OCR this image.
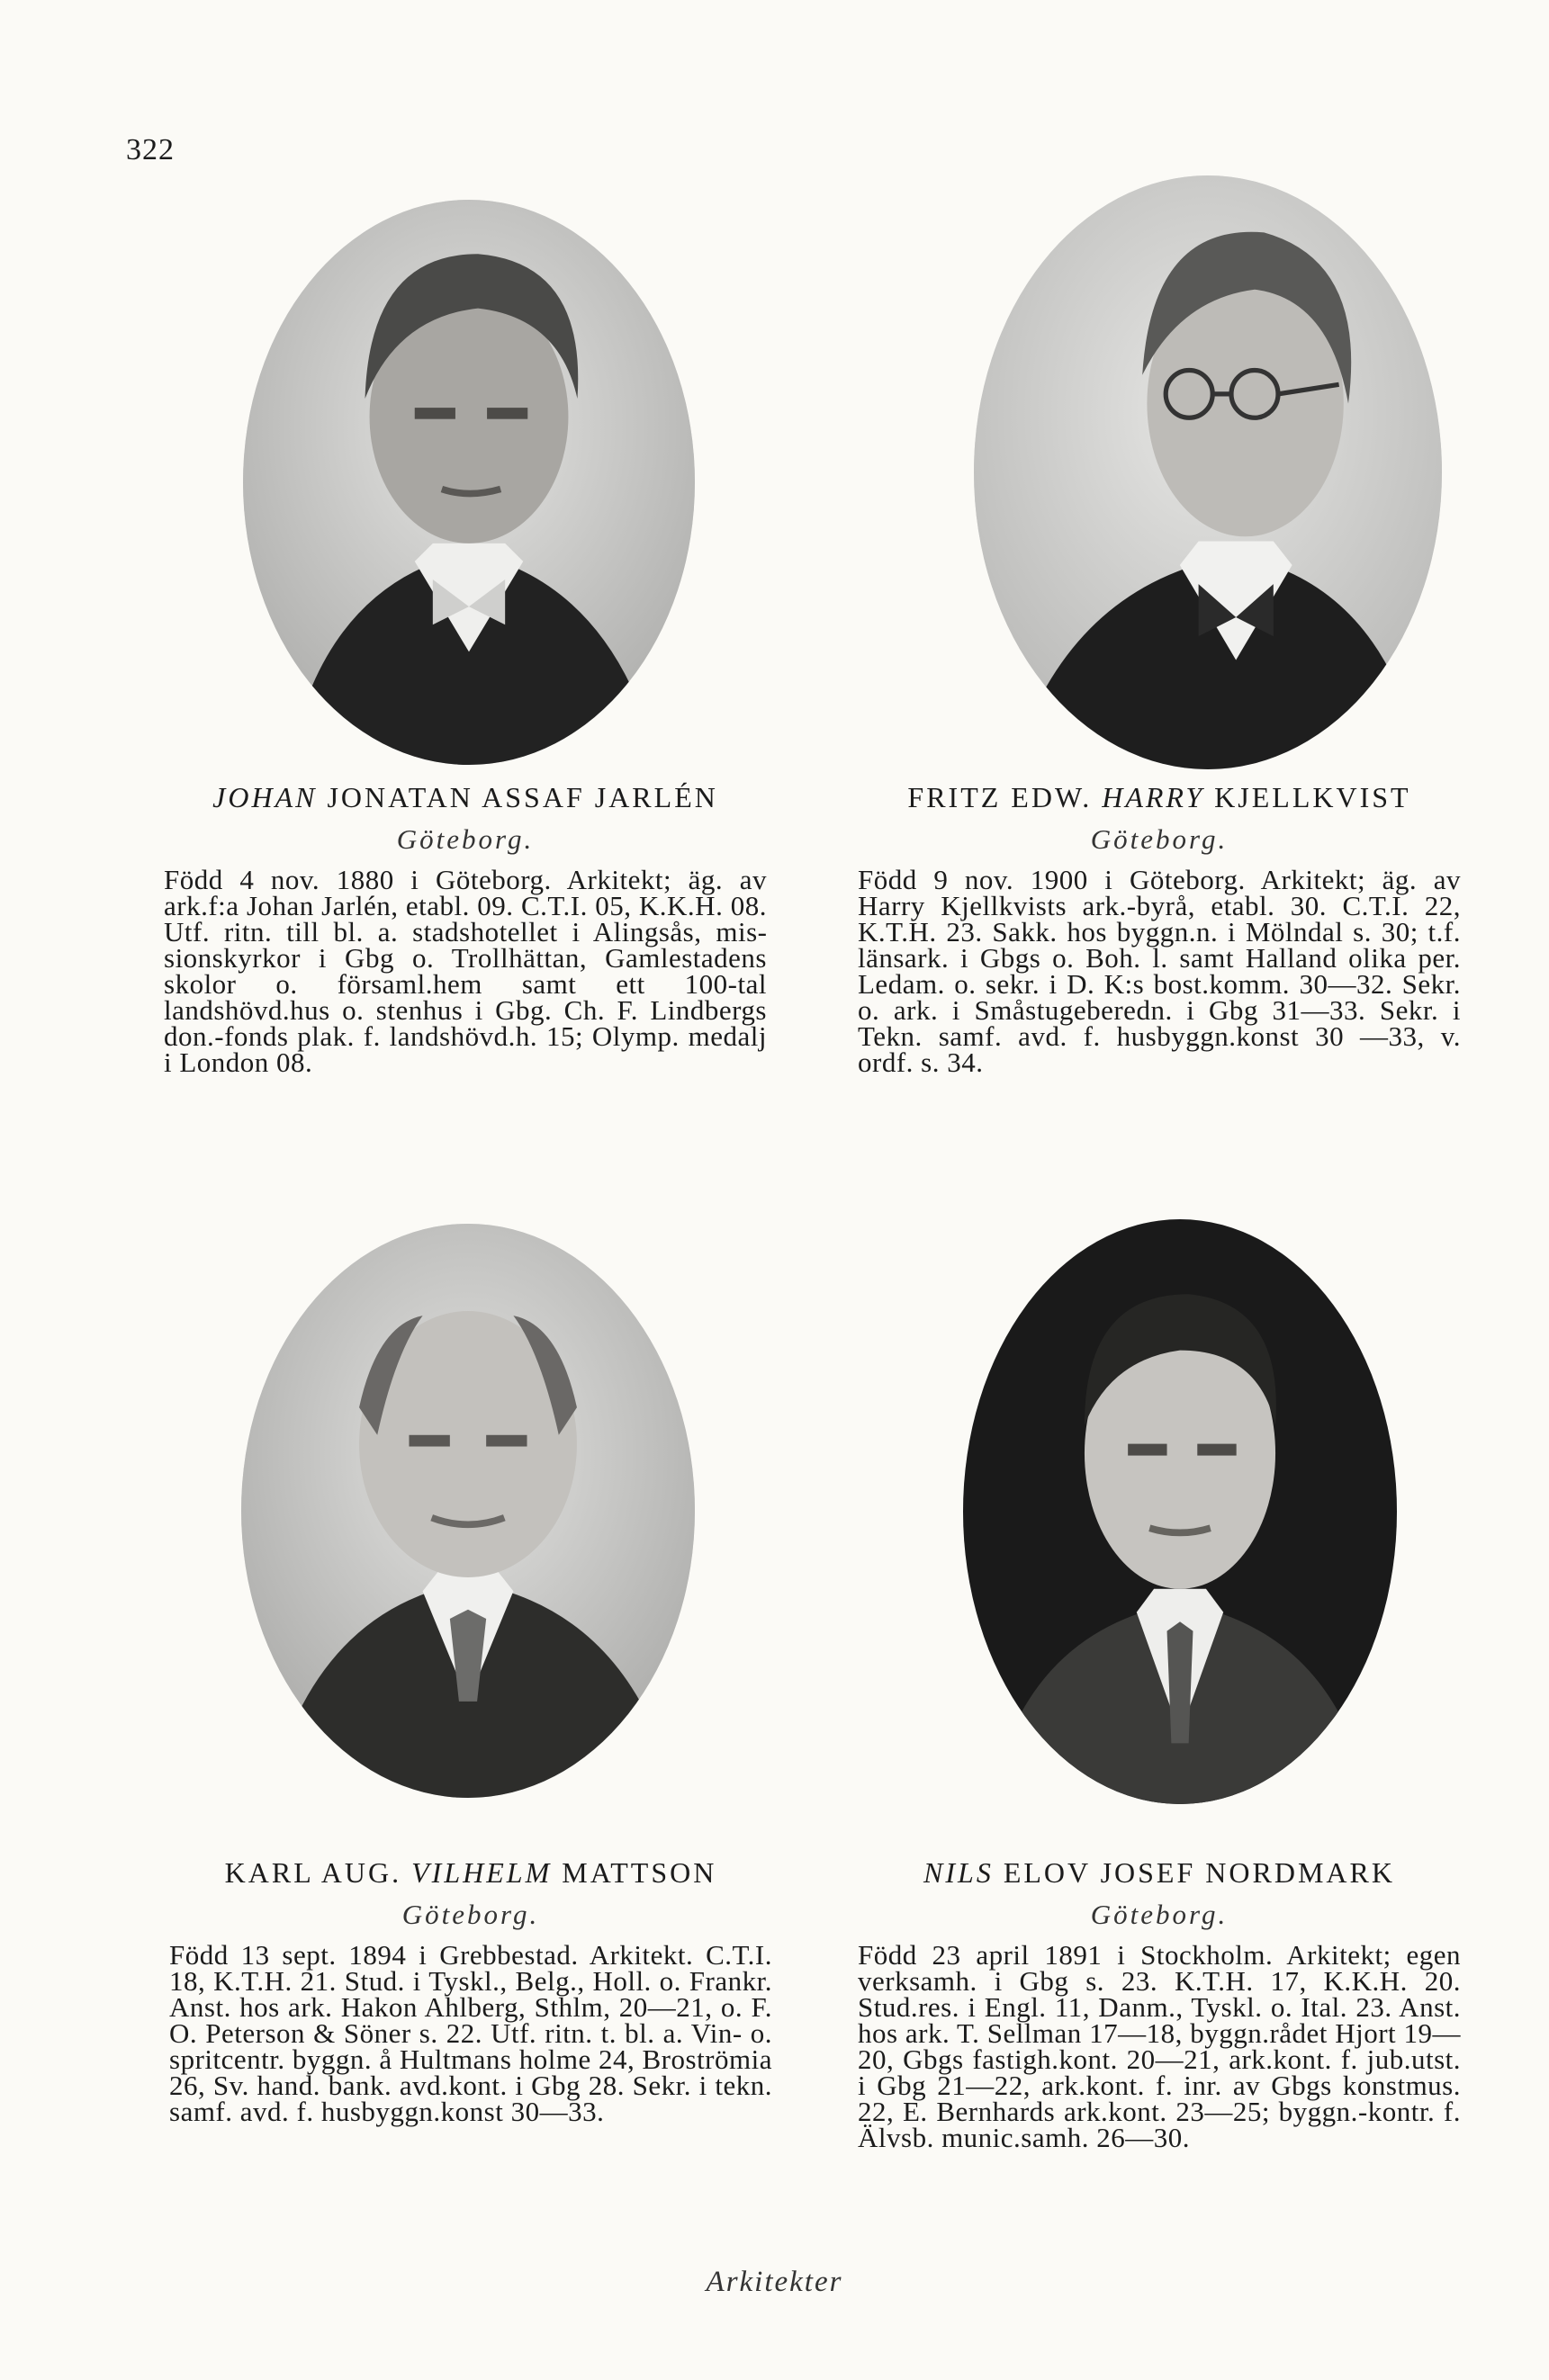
322

JOHAN JONATAN ASSAF JARLÉN

Göteborg.

Född 4 nov. 1880 i Göteborg. Arkitekt; äg. av ark.f:a Johan Jarlén, etabl. 09. C.T.I. 05, K.K.H. 08. Utf. ritn. till bl. a. stadshotellet i Alingsås, missionskyrkor i Gbg o. Trollhättan, Gamlestadens skolor o. församl.hem samt ett 100-tal landshövd.hus o. stenhus i Gbg. Ch. F. Lindbergs don.-fonds plak. f. landshövd.h. 15; Olymp. medalj i London 08.

FRITZ EDW. HARRY KJELLKVIST

Göteborg.

Född 9 nov. 1900 i Göteborg. Arkitekt; äg. av Harry Kjellkvists ark.-byrå, etabl. 30. C.T.I. 22, K.T.H. 23. Sakk. hos byggn.n. i Mölndal s. 30; t.f. länsark. i Gbgs o. Boh. l. samt Halland olika per. Ledam. o. sekr. i D. K:s bost.komm. 30—32. Sekr. o. ark. i Småstugeberedn. i Gbg 31—33. Sekr. i Tekn. samf. avd. f. husbyggn.konst 30 —33, v. ordf. s. 34.

KARL AUG. VILHELM MATTSON

Göteborg.

Född 13 sept. 1894 i Grebbestad. Arkitekt. C.T.I. 18, K.T.H. 21. Stud. i Tyskl., Belg., Holl. o. Frankr. Anst. hos ark. Hakon Ahlberg, Sthlm, 20—21, o. F. O. Peterson & Söner s. 22. Utf. ritn. t. bl. a. Vin- o. spritcentr. byggn. å Hultmans holme 24, Broströmia 26, Sv. hand. bank. avd.kont. i Gbg 28. Sekr. i tekn. samf. avd. f. husbyggn.konst 30—33.

NILS ELOV JOSEF NORDMARK

Göteborg.

Född 23 april 1891 i Stockholm. Arkitekt; egen verksamh. i Gbg s. 23. K.T.H. 17, K.K.H. 20. Stud.res. i Engl. 11, Danm., Tyskl. o. Ital. 23. Anst. hos ark. T. Sellman 17—18, byggn.rådet Hjort 19—20, Gbgs fastigh.kont. 20—21, ark.kont. f. jub.utst. i Gbg 21—22, ark.kont. f. inr. av Gbgs konstmus. 22, E. Bernhards ark.kont. 23—25; byggn.-kontr. f. Älvsb. munic.samh. 26—30.

Arkitekter
